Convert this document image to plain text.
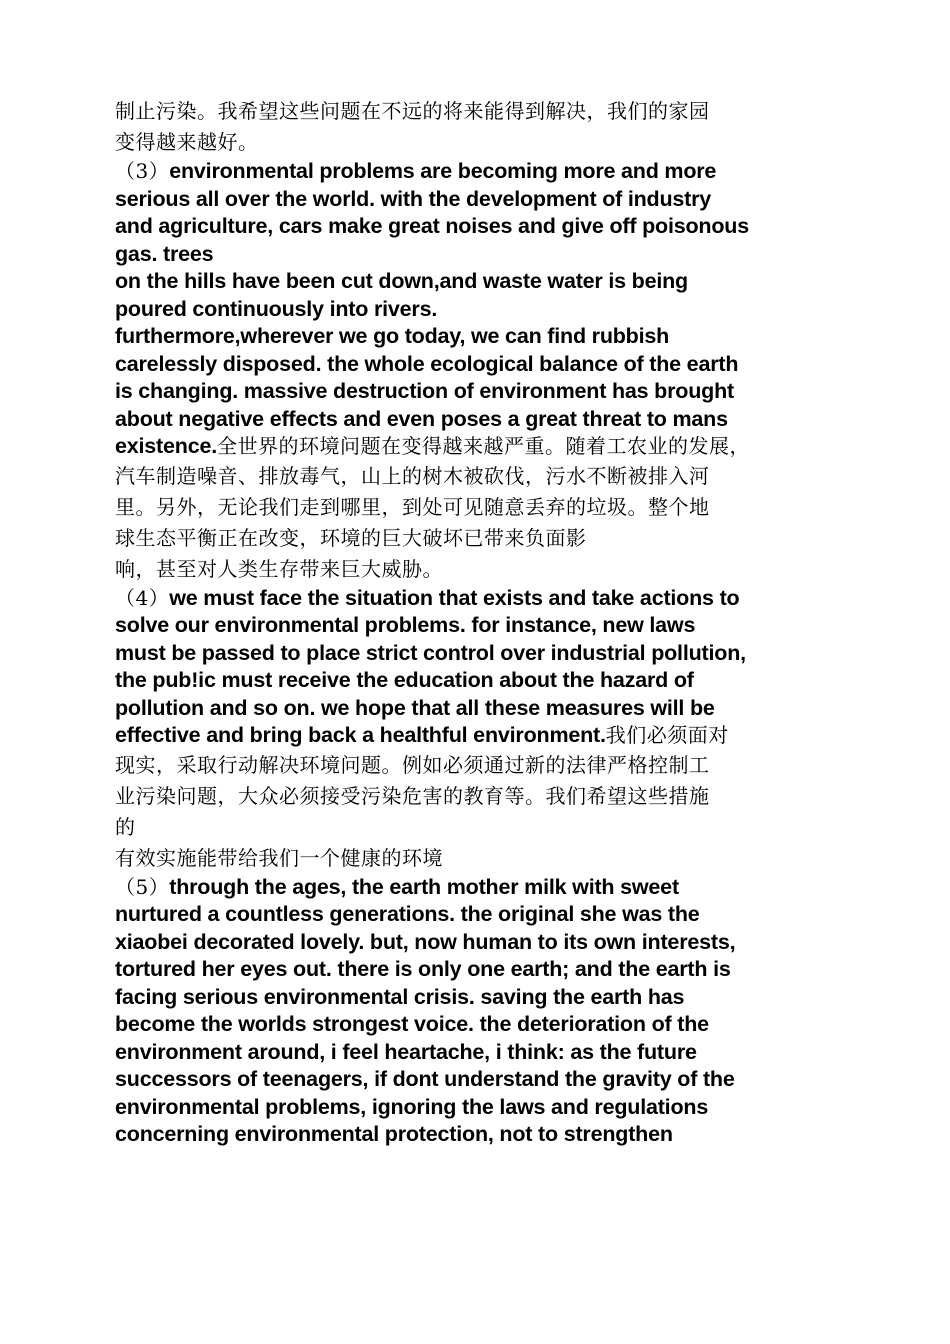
制止污染。我希望这些问题在不远的将来能得到解决，我们的家园
变得越来越好。
（3）environmental problems are becoming more and more
serious all over the world. with the development of industry
and agriculture, cars make great noises and give off poisonous
gas. trees
on the hills have been cut down,and waste water is being
poured continuously into rivers.
furthermore,wherever we go today, we can find rubbish
carelessly disposed. the whole ecological balance of the earth
is changing. massive destruction of environment has brought
about negative effects and even poses a great threat to mans
existence.全世界的环境问题在变得越来越严重。随着工农业的发展，
汽车制造噪音、排放毒气，山上的树木被砍伐，污水不断被排入河
里。另外，无论我们走到哪里，到处可见随意丢弃的垃圾。整个地
球生态平衡正在改变，环境的巨大破坏已带来负面影
响，甚至对人类生存带来巨大威胁。
（4）we must face the situation that exists and take actions to
solve our environmental problems. for instance, new laws
must be passed to place strict control over industrial pollution,
the pub!ic must receive the education about the hazard of
pollution and so on. we hope that all these measures will be
effective and bring back a healthful environment.我们必须面对
现实，采取行动解决环境问题。例如必须通过新的法律严格控制工
业污染问题，大众必须接受污染危害的教育等。我们希望这些措施
的
有效实施能带给我们一个健康的环境
（5）through the ages, the earth mother milk with sweet
nurtured a countless generations. the original she was the
xiaobei decorated lovely. but, now human to its own interests,
tortured her eyes out. there is only one earth; and the earth is
facing serious environmental crisis. saving the earth has
become the worlds strongest voice. the deterioration of the
environment around, i feel heartache, i think: as the future
successors of teenagers, if dont understand the gravity of the
environmental problems, ignoring the laws and regulations
concerning environmental protection, not to strengthen
